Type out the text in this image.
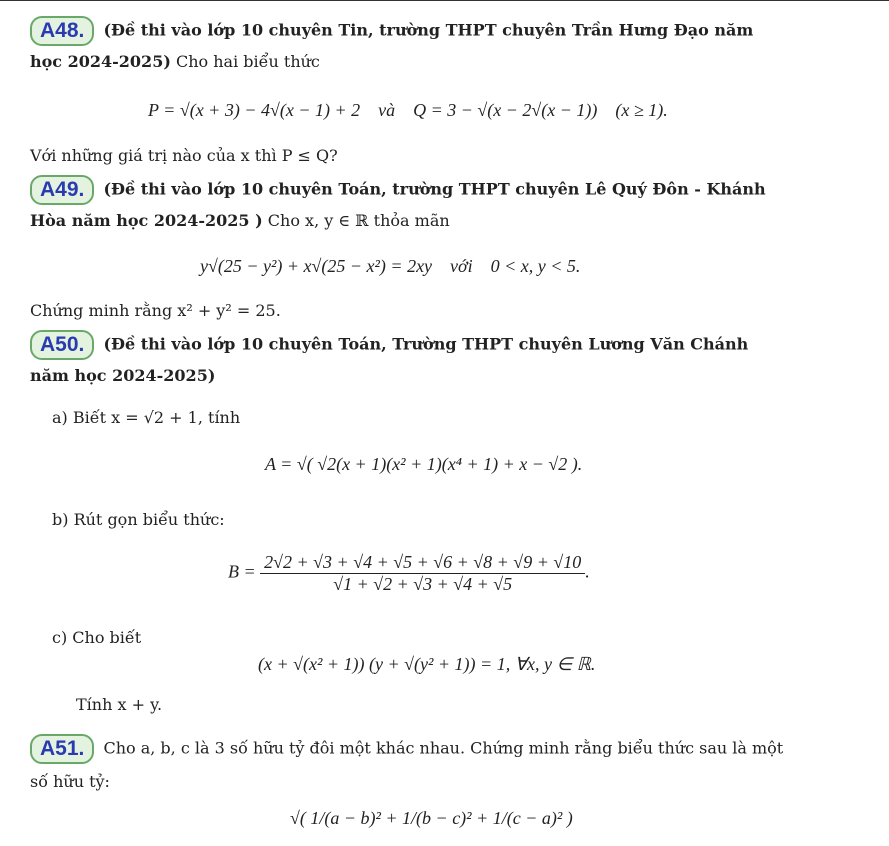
A48. (Đề thi vào lớp 10 chuyên Tin, trường THPT chuyên Trần Hưng Đạo năm
học 2024-2025) Cho hai biểu thức
P = √(x + 3) − 4√(x − 1) + 2    và    Q = 3 − √(x − 2√(x − 1))    (x ≥ 1).
Với những giá trị nào của x thì P ≤ Q?
A49. (Đề thi vào lớp 10 chuyên Toán, trường THPT chuyên Lê Quý Đôn - Khánh
Hòa năm học 2024-2025 ) Cho x, y ∈ ℝ thỏa mãn
y√(25 − y²) + x√(25 − x²) = 2xy    với    0 < x, y < 5.
Chứng minh rằng x² + y² = 25.
A50. (Đề thi vào lớp 10 chuyên Toán, Trường THPT chuyên Lương Văn Chánh
năm học 2024-2025)
a) Biết x = √2 + 1, tính
A = √( √2(x + 1)(x² + 1)(x⁴ + 1) + x − √2 ).
b) Rút gọn biểu thức:
$B = \frac{2√2 + √3 + √4 + √5 + √6 + √8 + √9 + √10}{√1 + √2 + √3 + √4 + √5}$ .
c) Cho biết
(x + √(x² + 1)) (y + √(y² + 1)) = 1, ∀x, y ∈ ℝ.
Tính x + y.
A51. Cho a, b, c là 3 số hữu tỷ đôi một khác nhau. Chứng minh rằng biểu thức sau là một
số hữu tỷ:
√( 1/(a − b)² + 1/(b − c)² + 1/(c − a)² )
